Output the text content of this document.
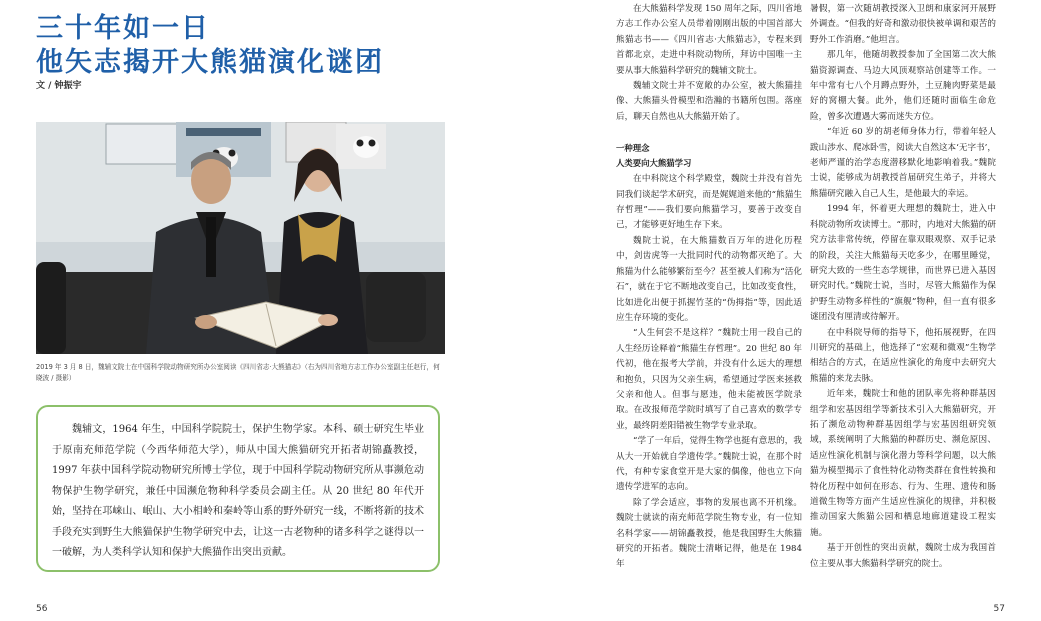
三十年如一日
他矢志揭开大熊猫演化谜团
文 / 钟振宇
2019 年 3 月 8 日，魏辅文院士在中国科学院动物研究所办公室阅读《四川省志·大熊猫志》（右为四川省地方志工作办公室副主任赵行，何晓波 / 摄影）

魏辅文，1964 年生，中国科学院院士，保护生物学家。本科、硕士研究生毕业于原南充师范学院（今西华师范大学），师从中国大熊猫研究开拓者胡锦矗教授，1997 年获中国科学院动物研究所博士学位，现于中国科学院动物研究所从事濒危动物保护生物学研究，兼任中国濒危物种科学委员会副主任。从 20 世纪 80 年代开始，坚持在邛崃山、岷山、大小相岭和秦岭等山系的野外研究一线，不断将新的技术手段充实到野生大熊猫保护生物学研究中去，让这一古老物种的诸多科学之谜得以一一破解，为人类科学认知和保护大熊猫作出突出贡献。

56

在大熊猫科学发现 150 周年之际，四川省地方志工作办公室人员带着刚刚出版的中国首部大熊猫志书——《四川省志·大熊猫志》，专程来到首都北京，走进中科院动物所，拜访中国唯一主要从事大熊猫科学研究的魏辅文院士。

魏辅文院士并不宽敞的办公室，被大熊猫挂像、大熊猫头骨模型和浩瀚的书籍所包围。落座后，聊天自然也从大熊猫开始了。

一种理念
人类要向大熊猫学习

在中科院这个科学殿堂，魏院士并没有首先同我们谈起学术研究，而是娓娓道来他的“熊猫生存哲理”——我们要向熊猫学习，要善于改变自己，才能够更好地生存下来。

魏院士说，在大熊猫数百万年的进化历程中，剑齿虎等一大批同时代的动物都灭绝了。大熊猫为什么能够繁衍至今？甚至被人们称为“活化石”，就在于它不断地改变自己，比如改变食性，比如进化出便于抓握竹茎的“伪拇指”等，因此适应生存环境的变化。

“人生何尝不是这样？”魏院士用一段自己的人生经历诠释着“熊猫生存哲理”。20 世纪 80 年代初，他在报考大学前，并没有什么远大的理想和抱负，只因为父亲生病，希望通过学医来拯救父亲和他人。但事与愿违，他未能被医学院录取。在改报师范学院时填写了自己喜欢的数学专业，最终阴差阳错被生物学专业录取。

“学了一年后，觉得生物学也挺有意思的，我从大一开始就自学遗传学。”魏院士说，在那个时代，有种专家食堂开是大家的偶像，他也立下向遗传学进军的志向。

除了学会适应，事物的发展也离不开机缘。魏院士就读的南充师范学院生物专业，有一位知名科学家——胡锦矗教授，他是我国野生大熊猫研究的开拓者。魏院士清晰记得，他是在 1984 年

暑假，第一次随胡教授深入卫朗和康家河开展野外调查。“但我的好奇和激动很快被单调和艰苦的野外工作消磨。”他坦言。

那几年，他随胡教授参加了全国第二次大熊猫资源调查、马边大风顶观察站创建等工作。一年中常有七八个月蹲点野外，土豆腌肉野菜是最好的窝棚大餐。此外，他们还随时面临生命危险，曾多次遭遇大雾而迷失方位。

“年近 60 岁的胡老师身体力行，带着年轻人跋山涉水、爬冰卧雪，阅读大自然这本‘无字书’，老师严谨的治学态度潜移默化地影响着我。”魏院士说，能够成为胡教授首届研究生弟子，并将大熊猫研究融入自己人生，是他最大的幸运。

1994 年，怀着更大理想的魏院士，进入中科院动物所攻读博士。“那时，内地对大熊猫的研究方法非常传统，停留在靠双眼观察、双手记录的阶段，关注大熊猫每天吃多少，在哪里睡觉，研究大致的一些生态学规律，而世界已进入基因研究时代。”魏院士说，当时，尽管大熊猫作为保护野生动物多样性的“旗舰”物种，但一直有很多谜团没有厘清或待解开。

在中科院导师的指导下，他拓展视野，在四川研究的基础上，他选择了“宏观和微观”生物学相结合的方式，在适应性演化的角度中去研究大熊猫的来龙去脉。

近年来，魏院士和他的团队率先将种群基因组学和宏基因组学等新技术引入大熊猫研究，开拓了濒危动物种群基因组学与宏基因组研究领域，系统阐明了大熊猫的种群历史、濒危原因、适应性演化机制与演化潜力等科学问题，以大熊猫为模型揭示了食性特化动物类群在食性转换和特化历程中如何在形态、行为、生理、遗传和肠道微生物等方面产生适应性演化的规律，并积极推动国家大熊猫公园和栖息地廊道建设工程实施。

基于开创性的突出贡献，魏院士成为我国首位主要从事大熊猫科学研究的院士。

57
